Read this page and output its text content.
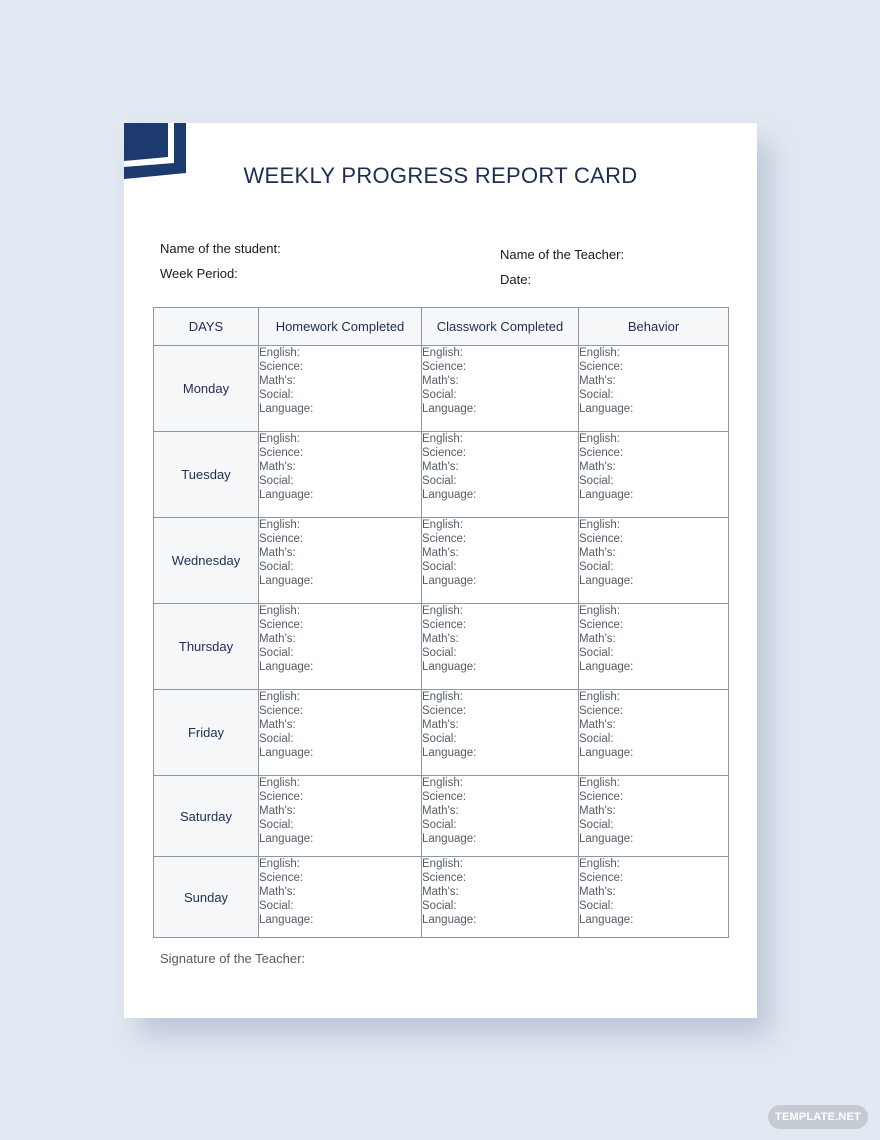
WEEKLY PROGRESS REPORT CARD
Name of the student:
Week Period:
Name of the Teacher:
Date:
DAYS	Homework Completed	Classwork Completed	Behavior
Monday	English:
Science:
Math's:
Social:
Language:	English:
Science:
Math's:
Social:
Language:	English:
Science:
Math's:
Social:
Language:

Tuesday	English:
Science:
Math's:
Social:
Language:	English:
Science:
Math's:
Social:
Language:	English:
Science:
Math's:
Social:
Language:

Wednesday	English:
Science:
Math's:
Social:
Language:	English:
Science:
Math's:
Social:
Language:	English:
Science:
Math's:
Social:
Language:

Thursday	English:
Science:
Math's:
Social:
Language:	English:
Science:
Math's:
Social:
Language:	English:
Science:
Math's:
Social:
Language:

Friday	English:
Science:
Math's:
Social:
Language:	English:
Science:
Math's:
Social:
Language:	English:
Science:
Math's:
Social:
Language:

Saturday	English:
Science:
Math's:
Social:
Language:	English:
Science:
Math's:
Social:
Language:	English:
Science:
Math's:
Social:
Language:

Sunday	English:
Science:
Math's:
Social:
Language:	English:
Science:
Math's:
Social:
Language:	English:
Science:
Math's:
Social:
Language:
Signature of the Teacher:
TEMPLATE.NET
